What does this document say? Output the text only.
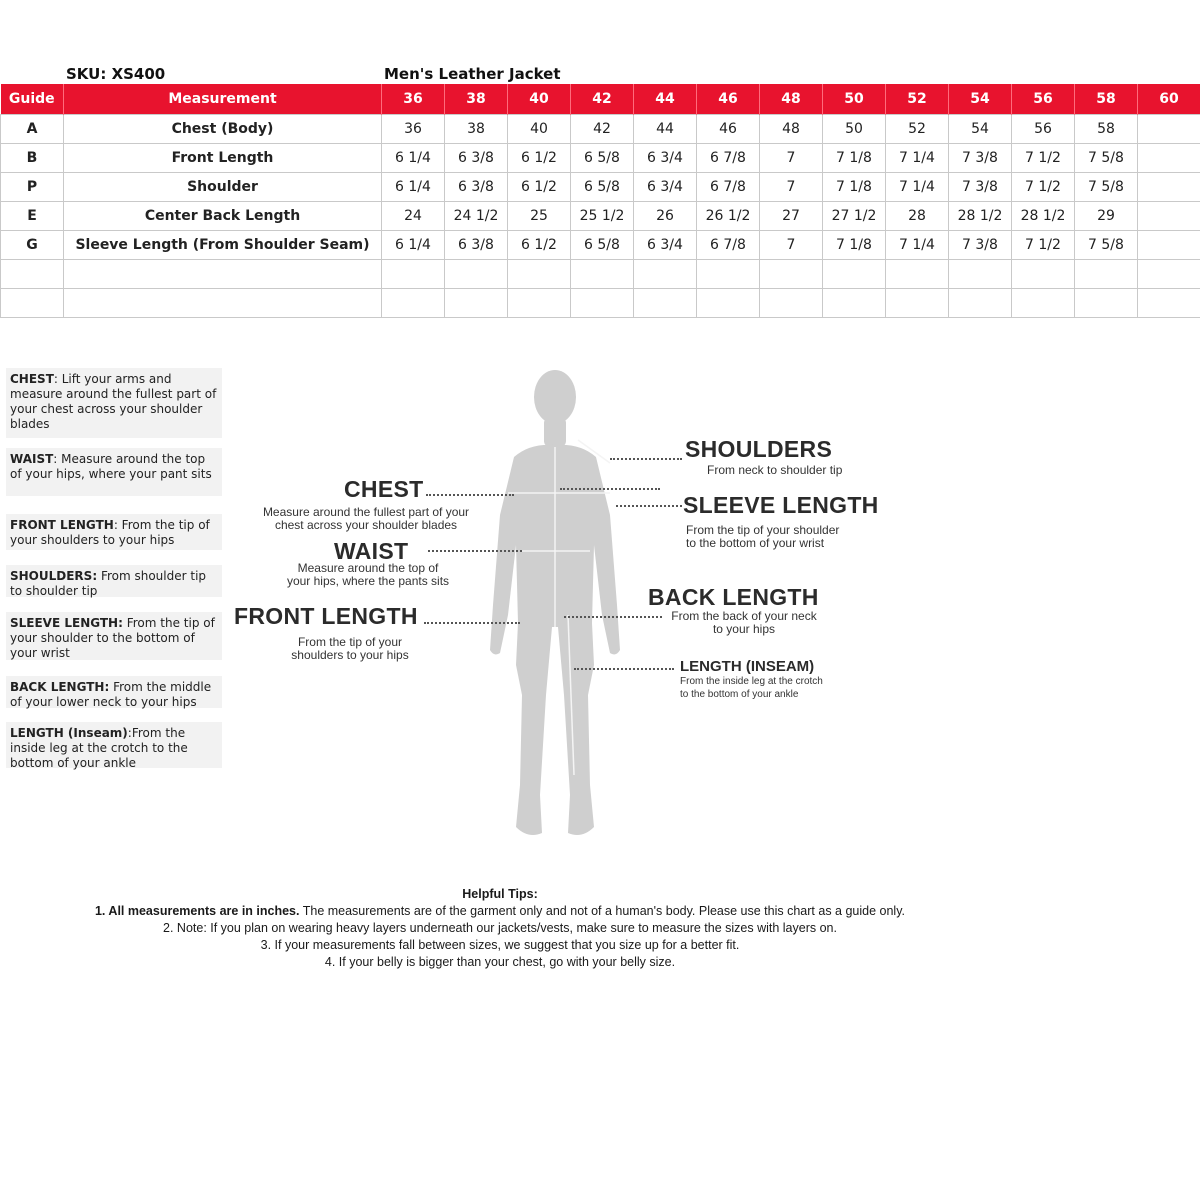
SKU: XS400	Men's Leather Jacket
Guide	Measurement	36	38	40	42	44	46	48	50	52	54	56	58	60
A	Chest (Body)	36	38	40	42	44	46	48	50	52	54	56	58	
B	Front Length	6 1/4	6 3/8	6 1/2	6 5/8	6 3/4	6 7/8	7	7 1/8	7 1/4	7 3/8	7 1/2	7 5/8	
P	Shoulder	6 1/4	6 3/8	6 1/2	6 5/8	6 3/4	6 7/8	7	7 1/8	7 1/4	7 3/8	7 1/2	7 5/8	
E	Center Back Length	24	24 1/2	25	25 1/2	26	26 1/2	27	27 1/2	28	28 1/2	28 1/2	29	
G	Sleeve Length (From Shoulder Seam)	6 1/4	6 3/8	6 1/2	6 5/8	6 3/4	6 7/8	7	7 1/8	7 1/4	7 3/8	7 1/2	7 5/8	

CHEST: Lift your arms and measure around the fullest part of your chest across your shoulder blades
WAIST: Measure around the top of your hips, where your pant sits
FRONT LENGTH: From the tip of your shoulders to your hips
SHOULDERS: From shoulder tip to shoulder tip
SLEEVE LENGTH: From the tip of your shoulder to the bottom of your wrist
BACK LENGTH: From the middle of your lower neck to your hips
LENGTH (Inseam):From the inside leg at the crotch to the bottom of your ankle
CHEST
Measure around the fullest part of your
chest across your shoulder blades
WAIST
Measure around the top of
your hips, where the pants sits
FRONT LENGTH
From the tip of your
shoulders to your hips
SHOULDERS
From neck to shoulder tip
SLEEVE LENGTH
From the tip of your shoulder
to the bottom of your wrist
BACK LENGTH
From the back of your neck
to your hips
LENGTH (INSEAM)
From the inside leg at the crotch
to the bottom of your ankle
Helpful Tips:
1. All measurements are in inches. The measurements are of the garment only and not of a human's body. Please use this chart as a guide only.
2. Note: If you plan on wearing heavy layers underneath our jackets/vests, make sure to measure the sizes with layers on.
3. If your measurements fall between sizes, we suggest that you size up for a better fit.
4. If your belly is bigger than your chest, go with your belly size.
